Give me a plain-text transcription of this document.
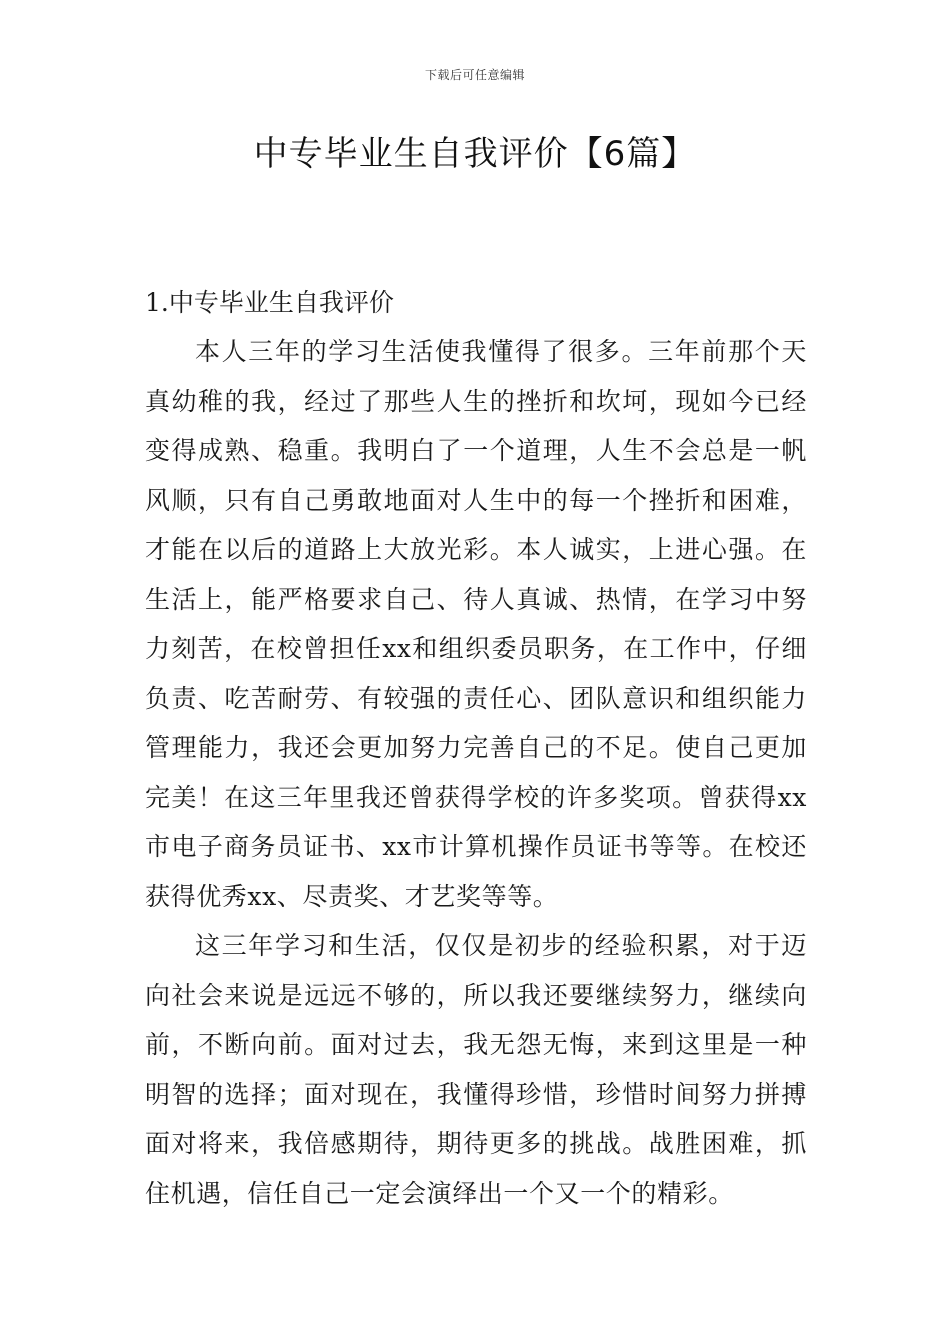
下载后可任意编辑
中专毕业生自我评价【6篇】

1.中专毕业生自我评价

本人三年的学习生活使我懂得了很多。三年前那个天真幼稚的我，经过了那些人生的挫折和坎坷，现如今已经变得成熟、稳重。我明白了一个道理，人生不会总是一帆风顺，只有自己勇敢地面对人生中的每一个挫折和困难，才能在以后的道路上大放光彩。本人诚实，上进心强。在生活上，能严格要求自己、待人真诚、热情，在学习中努力刻苦，在校曾担任xx和组织委员职务，在工作中，仔细负责、吃苦耐劳、有较强的责任心、团队意识和组织能力管理能力，我还会更加努力完善自己的不足。使自己更加完美！在这三年里我还曾获得学校的许多奖项。曾获得xx市电子商务员证书、xx市计算机操作员证书等等。在校还获得优秀xx、尽责奖、才艺奖等等。

这三年学习和生活，仅仅是初步的经验积累，对于迈向社会来说是远远不够的，所以我还要继续努力，继续向前，不断向前。面对过去，我无怨无悔，来到这里是一种明智的选择；面对现在，我懂得珍惜，珍惜时间努力拼搏面对将来，我倍感期待，期待更多的挑战。战胜困难，抓住机遇，信任自己一定会演绎出一个又一个的精彩。
